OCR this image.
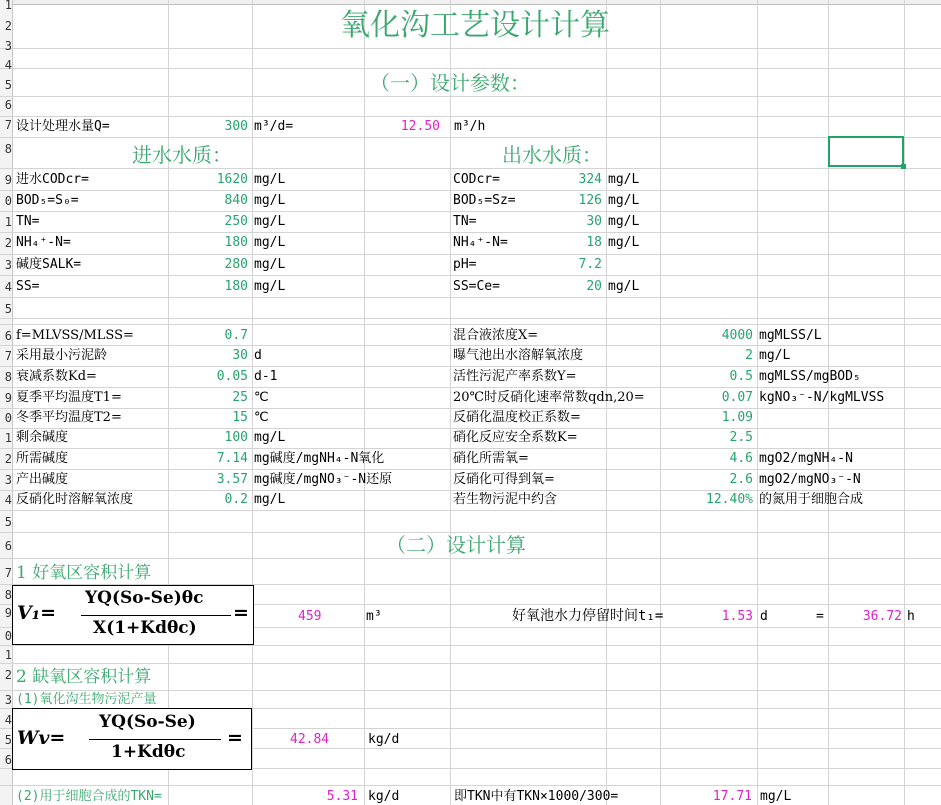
1
2
3
4
5
6
7
8
9
0
1
2
3
4
5
6
7
8
9
0
1
2
3
4
5
6
7
8
9
0
1
2
3
4
5
6
氧化沟工艺设计计算
（一）设计参数：
设计处理水量Q=	300 m³/d=	12.50 m³/h
进水水质：	出水水质：
（二）设计计算
1 好氧区容积计算
V₁=
YQ(So-Se)θc
X(1+Kdθc)
=	459	m³	好氧池水力停留时间t₁=	1.53 d	=	36.72 h
2 缺氧区容积计算
(1)氧化沟生物污泥产量
Wv=
YQ(So-Se)
1+Kdθc
=	42.84	kg/d
(2)用于细胞合成的TKN=	5.31 kg/d	即TKN中有TKN×1000/300=	17.71 mg/L
进水CODcr=	1620 mg/L	CODcr=	324 mg/L
BOD₅=S₀=	840 mg/L	BOD₅=Sz=	126 mg/L
TN=	250 mg/L	TN=	30 mg/L
NH₄⁺-N=	180 mg/L	NH₄⁺-N=	18 mg/L
碱度SALK=	280 mg/L	pH=	7.2
SS=	180 mg/L	SS=Ce=	20 mg/L
f=MLVSS/MLSS=	0.7	混合液浓度X=	4000 mgMLSS/L
采用最小污泥龄	30 d	曝气池出水溶解氧浓度	2 mg/L
衰减系数Kd=	0.05 d-1	活性污泥产率系数Y=	0.5 mgMLSS/mgBOD₅
夏季平均温度T1=	25 ℃	20℃时反硝化速率常数qdn,20=	0.07 kgNO₃⁻-N/kgMLVSS
冬季平均温度T2=	15 ℃	反硝化温度校正系数=	1.09
剩余碱度	100 mg/L	硝化反应安全系数K=	2.5
所需碱度	7.14 mg碱度/mgNH₄-N氧化	硝化所需氧=	4.6 mgO2/mgNH₄-N
产出碱度	3.57 mg碱度/mgNO₃⁻-N还原	反硝化可得到氧=	2.6 mgO2/mgNO₃⁻-N
反硝化时溶解氧浓度	0.2 mg/L	若生物污泥中约含	12.40% 的氮用于细胞合成
